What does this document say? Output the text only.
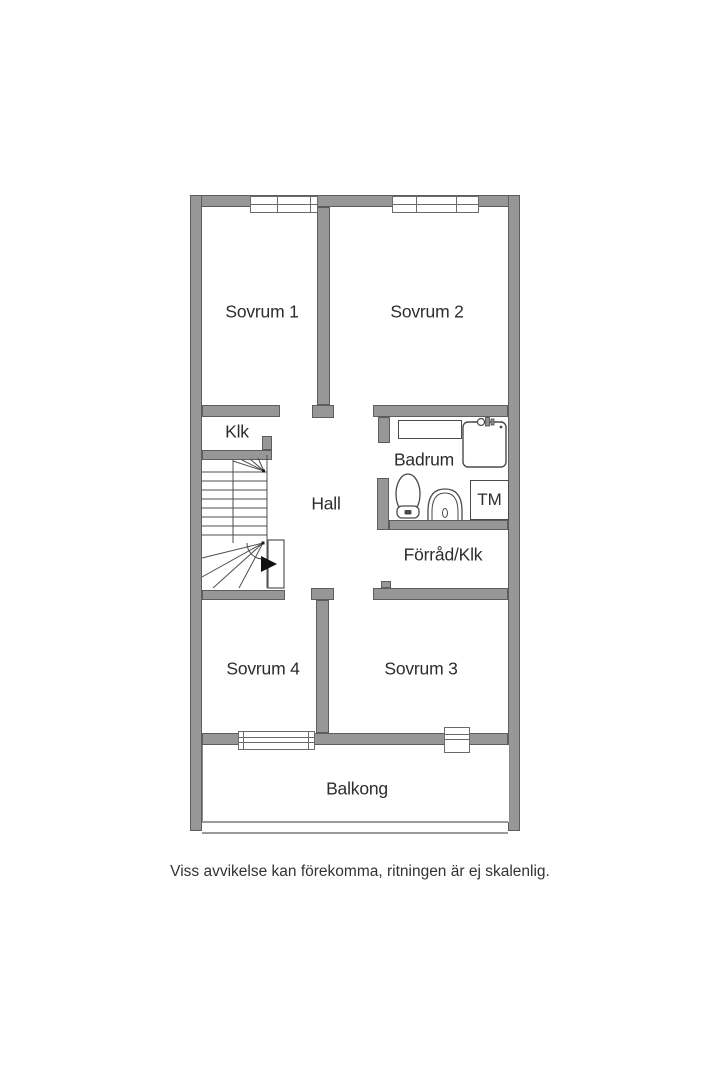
TM
Sovrum 1	Sovrum 2
Klk
Hall
Badrum
Förråd/Klk
Sovrum 4	Sovrum 3
Balkong
Viss avvikelse kan förekomma, ritningen är ej skalenlig.
